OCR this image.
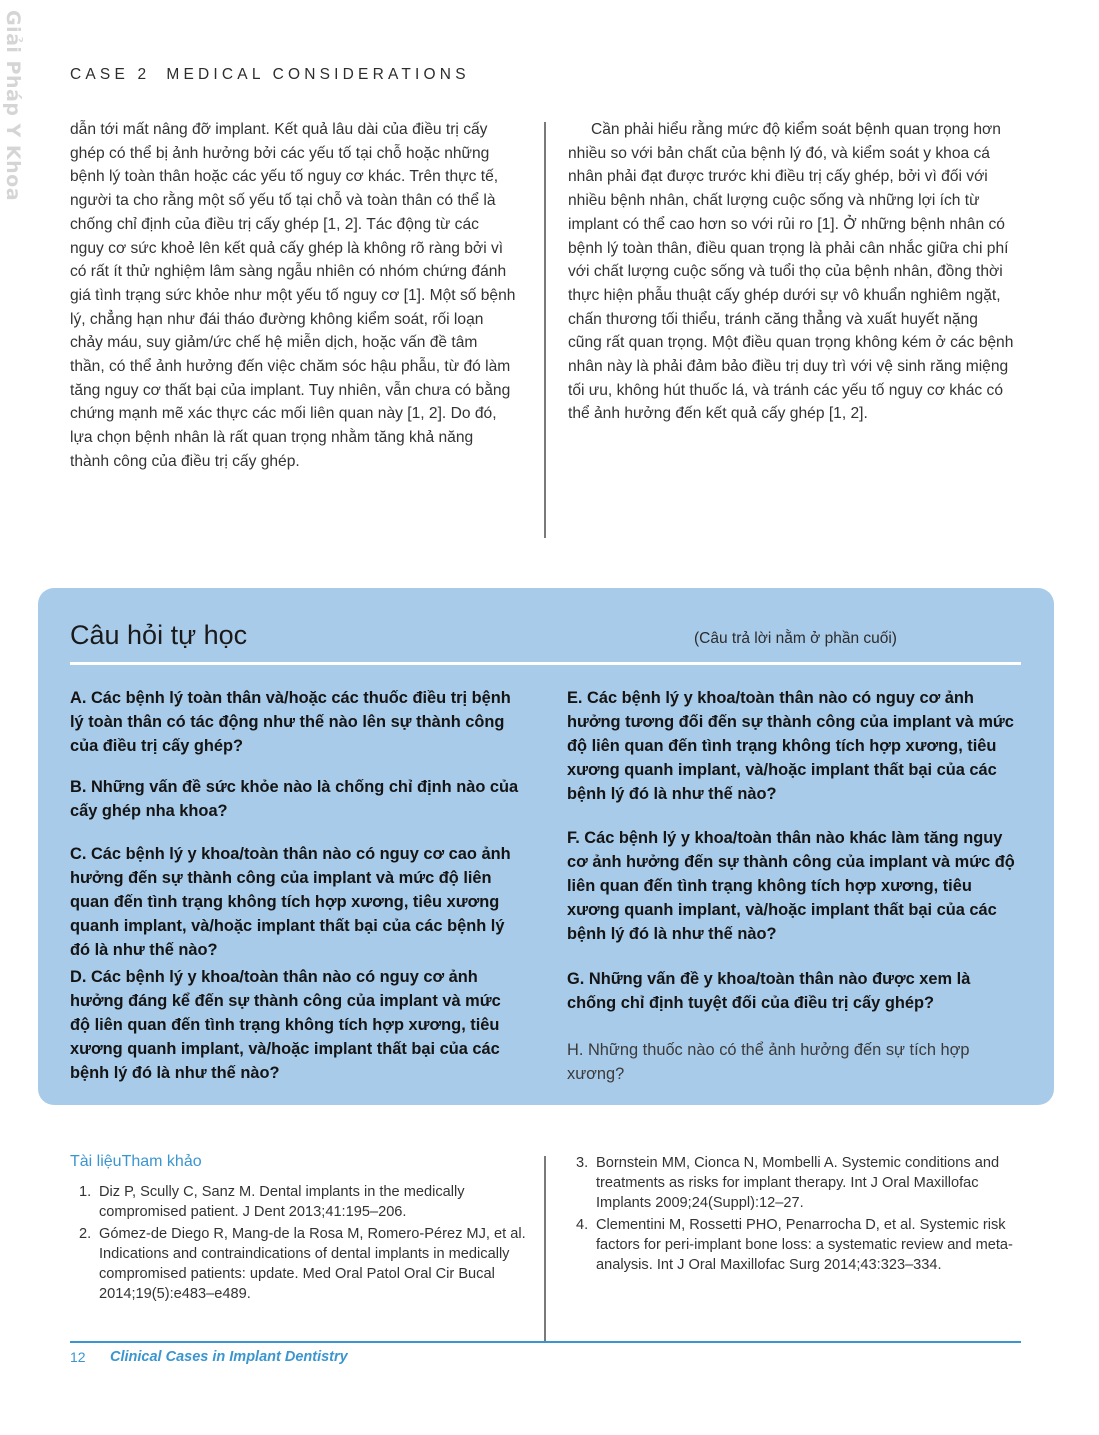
Giải Pháp Y Khoa	CASE 2 MEDICAL CONSIDERATIONS

dẫn tới mất nâng đỡ implant. Kết quả lâu dài của điều trị cấy ghép có thể bị ảnh hưởng bởi các yếu tố tại chỗ hoặc những bệnh lý toàn thân hoặc các yếu tố nguy cơ khác. Trên thực tế, người ta cho rằng một số yếu tố tại chỗ và toàn thân có thể là chống chỉ định của điều trị cấy ghép [1, 2]. Tác động từ các nguy cơ sức khoẻ lên kết quả cấy ghép là không rõ ràng bởi vì có rất ít thử nghiệm lâm sàng ngẫu nhiên có nhóm chứng đánh giá tình trạng sức khỏe như một yếu tố nguy cơ [1]. Một số bệnh lý, chẳng hạn như đái tháo đường không kiểm soát, rối loạn chảy máu, suy giảm/ức chế hệ miễn dịch, hoặc vấn đề tâm thần, có thể ảnh hưởng đến việc chăm sóc hậu phẫu, từ đó làm tăng nguy cơ thất bại của implant. Tuy nhiên, vẫn chưa có bằng chứng mạnh mẽ xác thực các mối liên quan này [1, 2]. Do đó, lựa chọn bệnh nhân là rất quan trọng nhằm tăng khả năng thành công của điều trị cấy ghép.

Cần phải hiểu rằng mức độ kiểm soát bệnh quan trọng hơn nhiều so với bản chất của bệnh lý đó, và kiểm soát y khoa cá nhân phải đạt được trước khi điều trị cấy ghép, bởi vì đối với nhiều bệnh nhân, chất lượng cuộc sống và những lợi ích từ implant có thể cao hơn so với rủi ro [1]. Ở những bệnh nhân có bệnh lý toàn thân, điều quan trọng là phải cân nhắc giữa chi phí với chất lượng cuộc sống và tuổi thọ của bệnh nhân, đồng thời thực hiện phẫu thuật cấy ghép dưới sự vô khuẩn nghiêm ngặt, chấn thương tối thiểu, tránh căng thẳng và xuất huyết nặng cũng rất quan trọng. Một điều quan trọng không kém ở các bệnh nhân này là phải đảm bảo điều trị duy trì với vệ sinh răng miệng tối ưu, không hút thuốc lá, và tránh các yếu tố nguy cơ khác có thể ảnh hưởng đến kết quả cấy ghép [1, 2].

Câu hỏi tự học	(Câu trả lời nằm ở phần cuối)
A. Các bệnh lý toàn thân và/hoặc các thuốc điều trị bệnh lý toàn thân có tác động như thế nào lên sự thành công của điều trị cấy ghép?
B. Những vấn đề sức khỏe nào là chống chỉ định nào của cấy ghép nha khoa?
C. Các bệnh lý y khoa/toàn thân nào có nguy cơ cao ảnh hưởng đến sự thành công của implant và mức độ liên quan đến tình trạng không tích hợp xương, tiêu xương quanh implant, và/hoặc implant thất bại của các bệnh lý đó là như thế nào?
D. Các bệnh lý y khoa/toàn thân nào có nguy cơ ảnh hưởng đáng kể đến sự thành công của implant và mức độ liên quan đến tình trạng không tích hợp xương, tiêu xương quanh implant, và/hoặc implant thất bại của các bệnh lý đó là như thế nào?
E. Các bệnh lý y khoa/toàn thân nào có nguy cơ ảnh hưởng tương đối đến sự thành công của implant và mức độ liên quan đến tình trạng không tích hợp xương, tiêu xương quanh implant, và/hoặc implant thất bại của các bệnh lý đó là như thế nào?
F. Các bệnh lý y khoa/toàn thân nào khác làm tăng nguy cơ ảnh hưởng đến sự thành công của implant và mức độ liên quan đến tình trạng không tích hợp xương, tiêu xương quanh implant, và/hoặc implant thất bại của các bệnh lý đó là như thế nào?
G. Những vấn đề y khoa/toàn thân nào được xem là chống chỉ định tuyệt đối của điều trị cấy ghép?
H. Những thuốc nào có thể ảnh hưởng đến sự tích hợp xương?
Tài liệuTham khảo
1. Diz P, Scully C, Sanz M. Dental implants in the medically compromised patient. J Dent 2013;41:195–206.
2. Gómez-de Diego R, Mang-de la Rosa M, Romero-Pérez MJ, et al. Indications and contraindications of dental implants in medically compromised patients: update. Med Oral Patol Oral Cir Bucal 2014;19(5):e483–e489.
3. Bornstein MM, Cionca N, Mombelli A. Systemic conditions and treatments as risks for implant therapy. Int J Oral Maxillofac Implants 2009;24(Suppl):12–27.
4. Clementini M, Rossetti PHO, Penarrocha D, et al. Systemic risk factors for peri-implant bone loss: a systematic review and meta-analysis. Int J Oral Maxillofac Surg 2014;43:323–334.
12 Clinical Cases in Implant Dentistry
